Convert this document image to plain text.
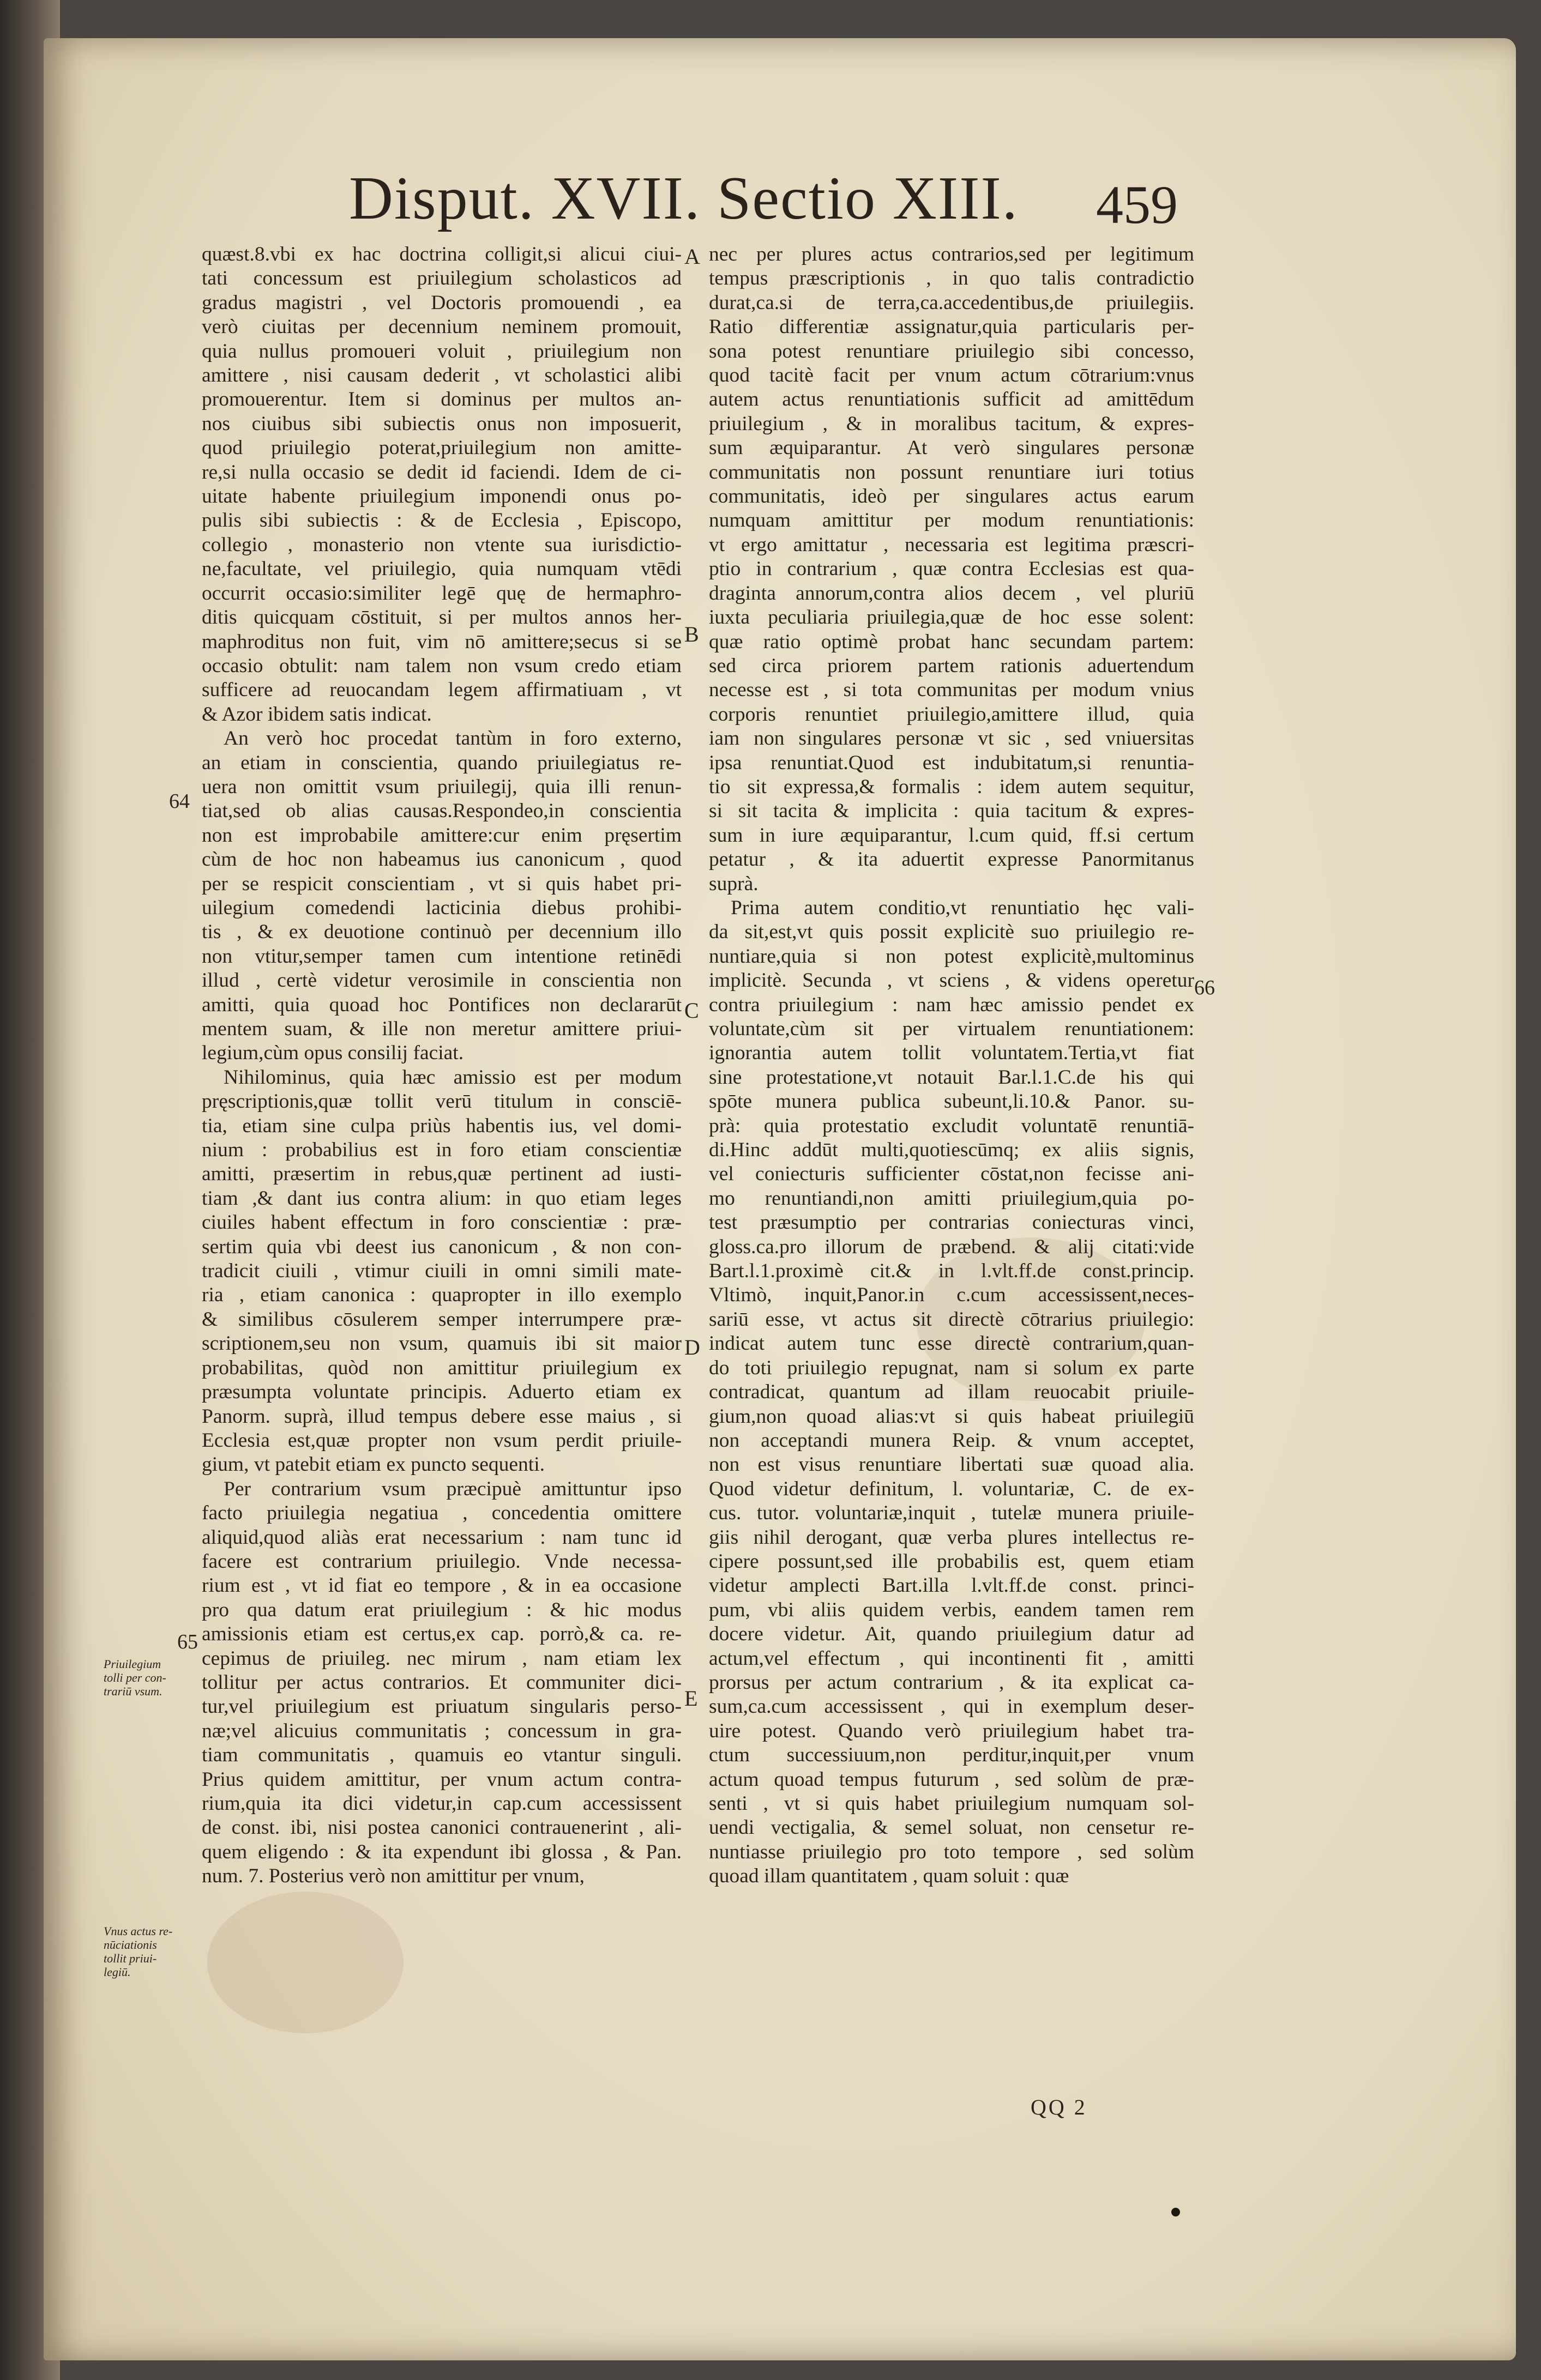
Disput. XVII. Sectio XIII.	459
quæst.8.vbi ex hac doctrina colligit,si alicui ciui-
tati concessum est priuilegium scholasticos ad
gradus magistri , vel Doctoris promouendi , ea
verò ciuitas per decennium neminem promouit,
quia nullus promoueri voluit , priuilegium non
amittere , nisi causam dederit , vt scholastici alibi
promouerentur. Item si dominus per multos an-
nos ciuibus sibi subiectis onus non imposuerit,
quod priuilegio poterat,priuilegium non amitte-
re,si nulla occasio se dedit id faciendi. Idem de ci-
uitate habente priuilegium imponendi onus po-
pulis sibi subiectis : & de Ecclesia , Episcopo,
collegio , monasterio non vtente sua iurisdictio-
ne,facultate, vel priuilegio, quia numquam vtēdi
occurrit occasio:similiter legē quę de hermaphro-
ditis quicquam cōstituit, si per multos annos her-
maphroditus non fuit, vim nō amittere;secus si se
occasio obtulit: nam talem non vsum credo etiam
sufficere ad reuocandam legem affirmatiuam , vt
& Azor ibidem satis indicat.
An verò hoc procedat tantùm in foro externo,
an etiam in conscientia, quando priuilegiatus re-
uera non omittit vsum priuilegij, quia illi renun-
tiat,sed ob alias causas.Respondeo,in conscientia
non est improbabile amittere:cur enim pręsertim
cùm de hoc non habeamus ius canonicum , quod
per se respicit conscientiam , vt si quis habet pri-
uilegium comedendi lacticinia diebus prohibi-
tis , & ex deuotione continuò per decennium illo
non vtitur,semper tamen cum intentione retinēdi
illud , certè videtur verosimile in conscientia non
amitti, quia quoad hoc Pontifices non declararūt
mentem suam, & ille non meretur amittere priui-
legium,cùm opus consilij faciat.
Nihilominus, quia hæc amissio est per modum
pręscriptionis,quæ tollit verū titulum in consciē-
tia, etiam sine culpa priùs habentis ius, vel domi-
nium : probabilius est in foro etiam conscientiæ
amitti, præsertim in rebus,quæ pertinent ad iusti-
tiam ,& dant ius contra alium: in quo etiam leges
ciuiles habent effectum in foro conscientiæ : præ-
sertim quia vbi deest ius canonicum , & non con-
tradicit ciuili , vtimur ciuili in omni simili mate-
ria , etiam canonica : quapropter in illo exemplo
& similibus cōsulerem semper interrumpere præ-
scriptionem,seu non vsum, quamuis ibi sit maior
probabilitas, quòd non amittitur priuilegium ex
præsumpta voluntate principis. Aduerto etiam ex
Panorm. suprà, illud tempus debere esse maius , si
Ecclesia est,quæ propter non vsum perdit priuile-
gium, vt patebit etiam ex puncto sequenti.
Per contrarium vsum præcipuè amittuntur ipso
facto priuilegia negatiua , concedentia omittere
aliquid,quod aliàs erat necessarium : nam tunc id
facere est contrarium priuilegio. Vnde necessa-
rium est , vt id fiat eo tempore , & in ea occasione
pro qua datum erat priuilegium : & hic modus
amissionis etiam est certus,ex cap. porrò,& ca. re-
cepimus de priuileg. nec mirum , nam etiam lex
tollitur per actus contrarios. Et communiter dici-
tur,vel priuilegium est priuatum singularis perso-
næ;vel alicuius communitatis ; concessum in gra-
tiam communitatis , quamuis eo vtantur singuli.
Prius quidem amittitur, per vnum actum contra-
rium,quia ita dici videtur,in cap.cum accessissent
de const. ibi, nisi postea canonici contrauenerint , ali-
quem eligendo : & ita expendunt ibi glossa , & Pan.
num. 7. Posterius verò non amittitur per vnum,
nec per plures actus contrarios,sed per legitimum
tempus præscriptionis , in quo talis contradictio
durat,ca.si de terra,ca.accedentibus,de priuilegiis.
Ratio differentiæ assignatur,quia particularis per-
sona potest renuntiare priuilegio sibi concesso,
quod tacitè facit per vnum actum cōtrarium:vnus
autem actus renuntiationis sufficit ad amittēdum
priuilegium , & in moralibus tacitum, & expres-
sum æquiparantur. At verò singulares personæ
communitatis non possunt renuntiare iuri totius
communitatis, ideò per singulares actus earum
numquam amittitur per modum renuntiationis:
vt ergo amittatur , necessaria est legitima præscri-
ptio in contrarium , quæ contra Ecclesias est qua-
draginta annorum,contra alios decem , vel pluriū
iuxta peculiaria priuilegia,quæ de hoc esse solent:
quæ ratio optimè probat hanc secundam partem:
sed circa priorem partem rationis aduertendum
necesse est , si tota communitas per modum vnius
corporis renuntiet priuilegio,amittere illud, quia
iam non singulares personæ vt sic , sed vniuersitas
ipsa renuntiat.Quod est indubitatum,si renuntia-
tio sit expressa,& formalis : idem autem sequitur,
si sit tacita & implicita : quia tacitum & expres-
sum in iure æquiparantur, l.cum quid, ff.si certum
petatur , & ita aduertit expresse Panormitanus
suprà.
Prima autem conditio,vt renuntiatio hęc vali-
da sit,est,vt quis possit explicitè suo priuilegio re-
nuntiare,quia si non potest explicitè,multominus
implicitè. Secunda , vt sciens , & videns operetur
contra priuilegium : nam hæc amissio pendet ex
voluntate,cùm sit per virtualem renuntiationem:
ignorantia autem tollit voluntatem.Tertia,vt fiat
sine protestatione,vt notauit Bar.l.1.C.de his qui
spōte munera publica subeunt,li.10.& Panor. su-
prà: quia protestatio excludit voluntatē renuntiā-
di.Hinc addūt multi,quotiescūmq; ex aliis signis,
vel coniecturis sufficienter cōstat,non fecisse ani-
mo renuntiandi,non amitti priuilegium,quia po-
test præsumptio per contrarias coniecturas vinci,
gloss.ca.pro illorum de præbend. & alij citati:vide
Bart.l.1.proximè cit.& in l.vlt.ff.de const.princip.
Vltimò, inquit,Panor.in c.cum accessissent,neces-
sariū esse, vt actus sit directè cōtrarius priuilegio:
indicat autem tunc esse directè contrarium,quan-
do toti priuilegio repugnat, nam si solum ex parte
contradicat, quantum ad illam reuocabit priuile-
gium,non quoad alias:vt si quis habeat priuilegiū
non acceptandi munera Reip. & vnum acceptet,
non est visus renuntiare libertati suæ quoad alia.
Quod videtur definitum, l. voluntariæ, C. de ex-
cus. tutor. voluntariæ,inquit , tutelæ munera priuile-
giis nihil derogant, quæ verba plures intellectus re-
cipere possunt,sed ille probabilis est, quem etiam
videtur amplecti Bart.illa l.vlt.ff.de const. princi-
pum, vbi aliis quidem verbis, eandem tamen rem
docere videtur. Ait, quando priuilegium datur ad
actum,vel effectum , qui incontinenti fit , amitti
prorsus per actum contrarium , & ita explicat ca-
sum,ca.cum accessissent , qui in exemplum deser-
uire potest. Quando verò priuilegium habet tra-
ctum successiuum,non perditur,inquit,per vnum
actum quoad tempus futurum , sed solùm de præ-
senti , vt si quis habet priuilegium numquam sol-
uendi vectigalia, & semel soluat, non censetur re-
nuntiasse priuilegio pro toto tempore , sed solùm
quoad illam quantitatem , quam soluit : quæ
A
B
C
D
E
64
65
66
Priuilegium
tolli per con-
trariū vsum.
Vnus actus re-
nūciationis
tollit priui-
legiū.
QQ 2
